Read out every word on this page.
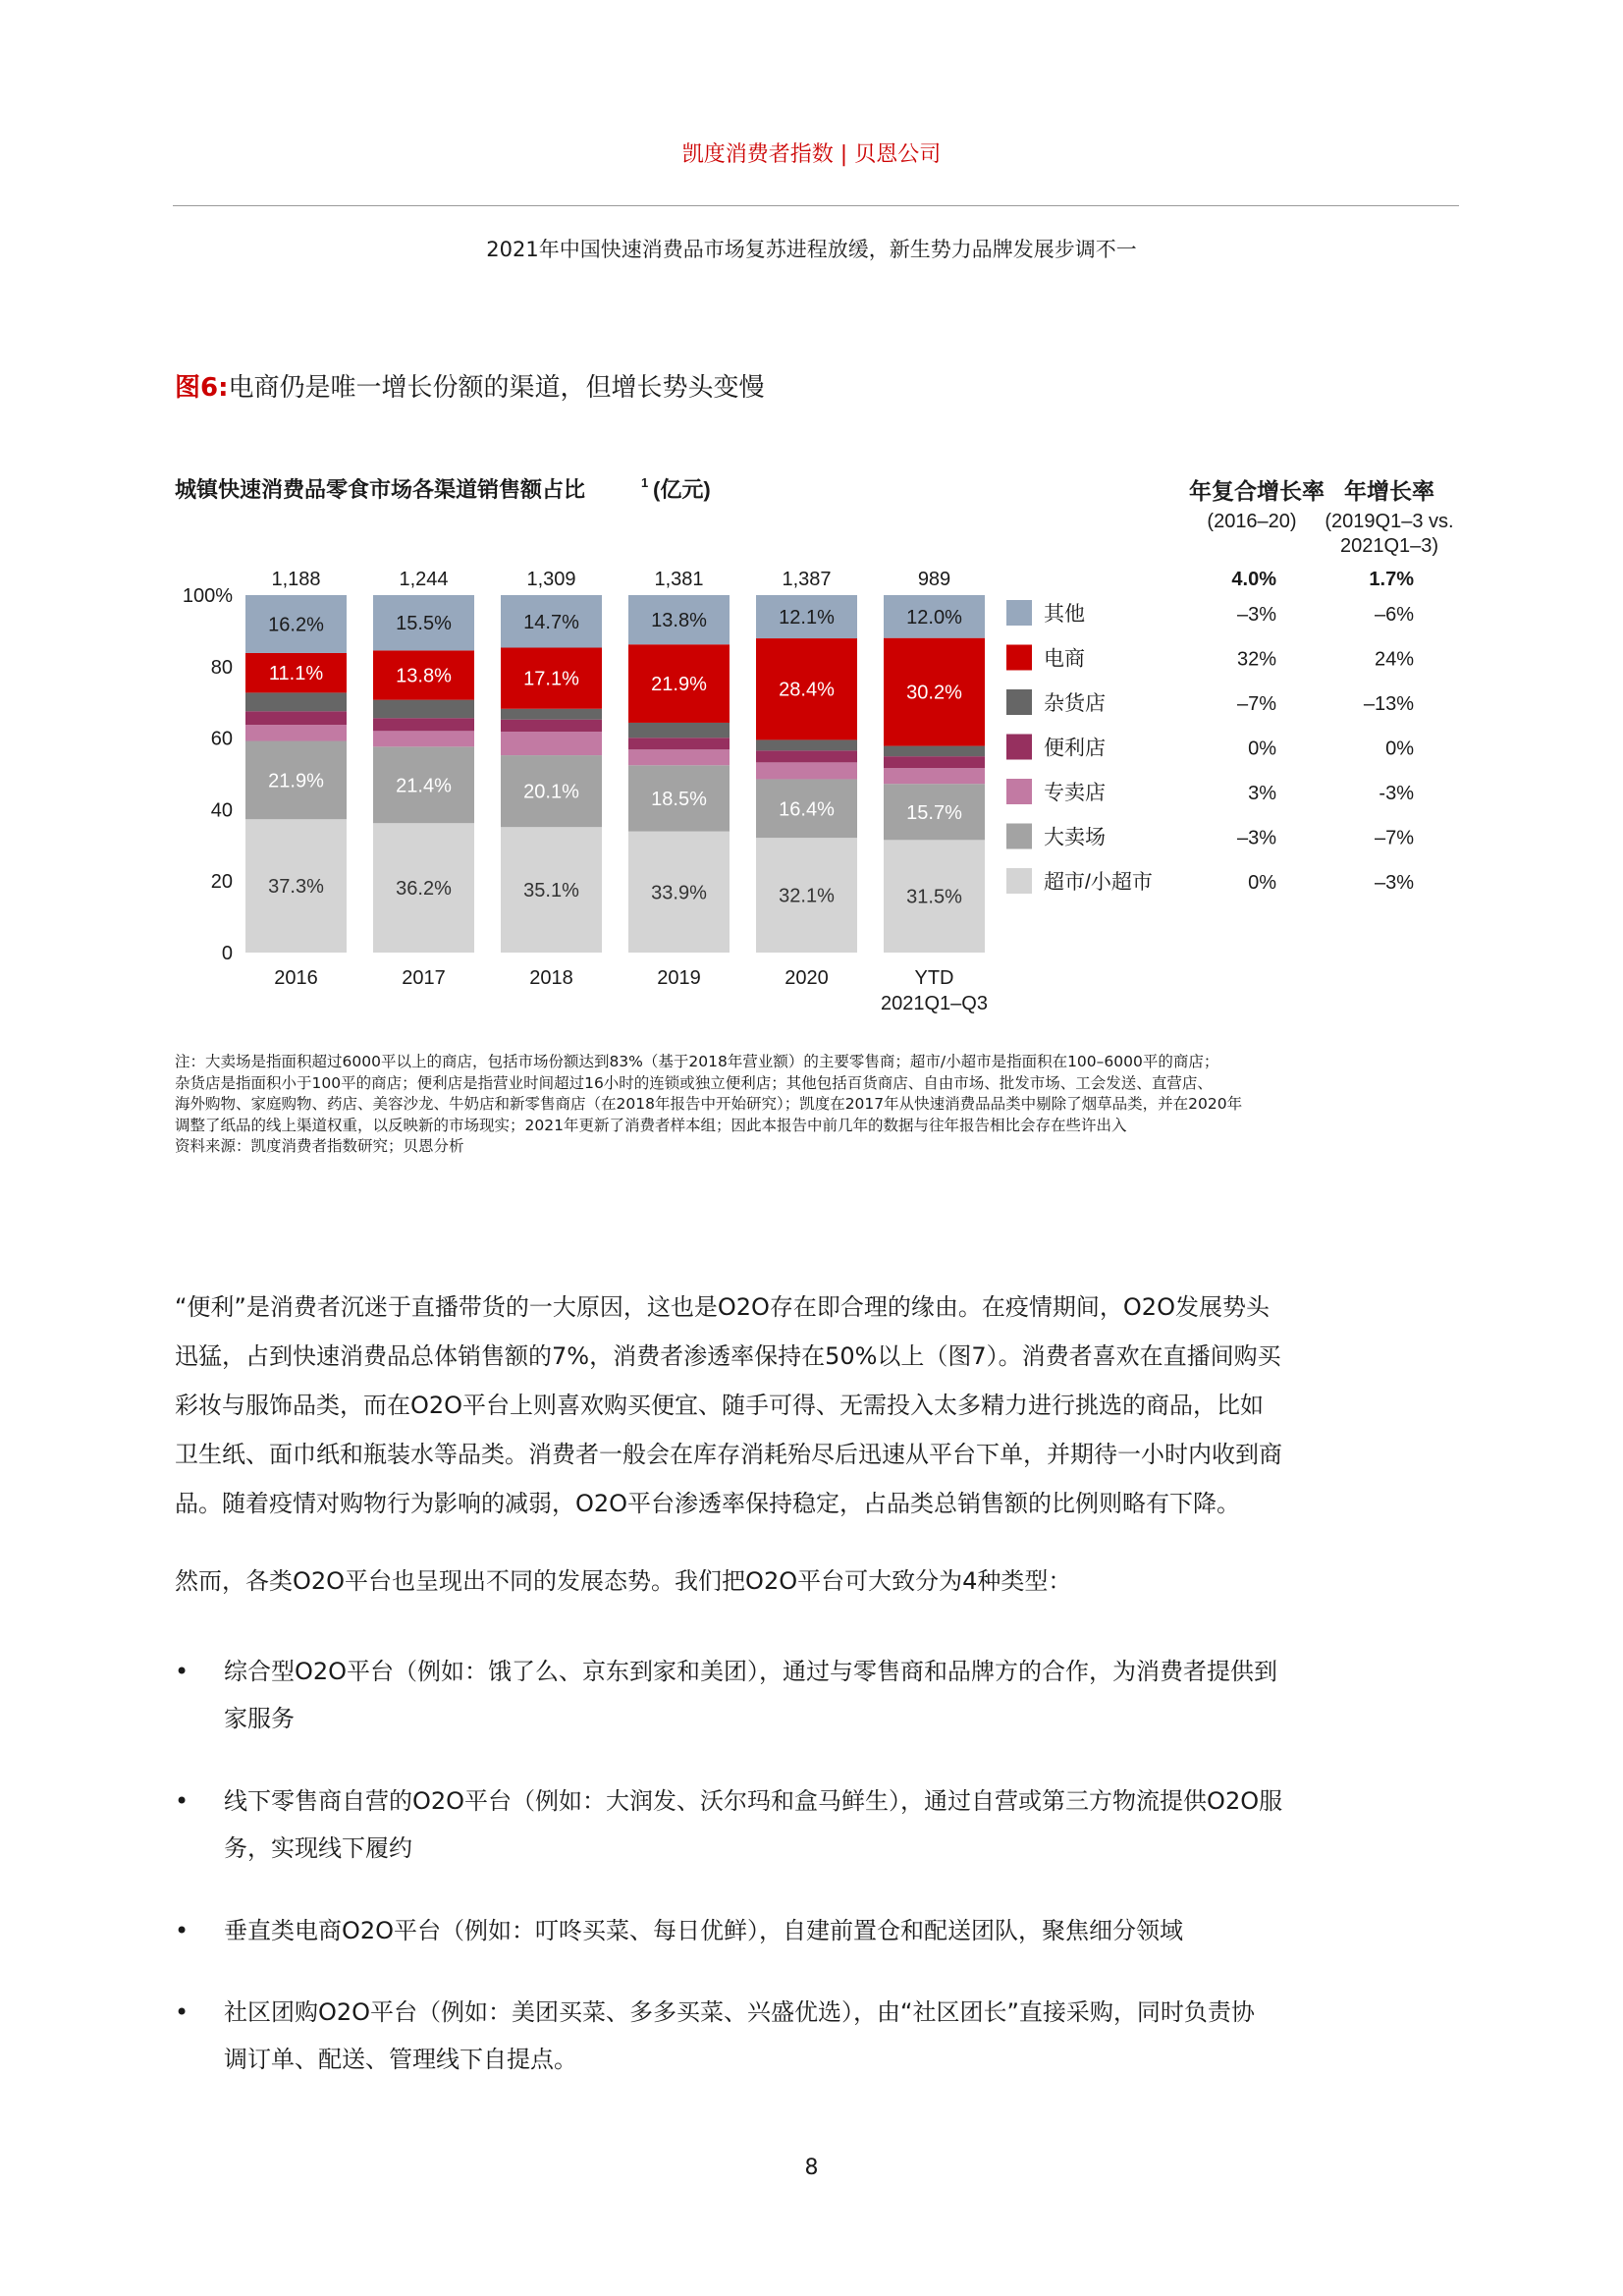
凯度消费者指数 | 贝恩公司
2021年中国快速消费品市场复苏进程放缓，新生势力品牌发展步调不一
图6:电商仍是唯一增长份额的渠道，但增长势头变慢
城镇快速消费品零食市场各渠道销售额占比	1 (亿元)
0
20
40
60
80
100%
37.3%
21.9%
11.1%
16.2%
1,188
2016
36.2%
21.4%
13.8%
15.5%
1,244
2017
35.1%
20.1%
17.1%
14.7%
1,309
2018
33.9%
18.5%
21.9%
13.8%
1,381
2019
32.1%
16.4%
28.4%
12.1%
1,387
2020
31.5%
15.7%
30.2%
12.0%
989
YTD
2021Q1–Q3
年复合增长率
(2016–20)
年增长率
(2019Q1–3 vs.
2021Q1–3)
4.0%	1.7%
其他	–3%	–6%
电商	32%	24%
杂货店	–7%	–13%
便利店	0%	0%
专卖店	3%	-3%
大卖场	–3%	–7%
超市/小超市	0%	–3%
注：大卖场是指面积超过6000平以上的商店，包括市场份额达到83%（基于2018年营业额）的主要零售商；超市/小超市是指面积在100–6000平的商店；
杂货店是指面积小于100平的商店；便利店是指营业时间超过16小时的连锁或独立便利店；其他包括百货商店、自由市场、批发市场、工会发送、直营店、
海外购物、家庭购物、药店、美容沙龙、牛奶店和新零售商店（在2018年报告中开始研究）；凯度在2017年从快速消费品品类中剔除了烟草品类，并在2020年
调整了纸品的线上渠道权重，以反映新的市场现实；2021年更新了消费者样本组；因此本报告中前几年的数据与往年报告相比会存在些许出入
资料来源：凯度消费者指数研究；贝恩分析

“便利”是消费者沉迷于直播带货的一大原因，这也是O2O存在即合理的缘由。在疫情期间，O2O发展势头

迅猛，占到快速消费品总体销售额的7%，消费者渗透率保持在50%以上（图7）。消费者喜欢在直播间购买

彩妆与服饰品类，而在O2O平台上则喜欢购买便宜、随手可得、无需投入太多精力进行挑选的商品，比如

卫生纸、面巾纸和瓶装水等品类。消费者一般会在库存消耗殆尽后迅速从平台下单，并期待一小时内收到商

品。随着疫情对购物行为影响的减弱，O2O平台渗透率保持稳定，占品类总销售额的比例则略有下降。

然而，各类O2O平台也呈现出不同的发展态势。我们把O2O平台可大致分为4种类型：
• 综合型O2O平台（例如：饿了么、京东到家和美团），通过与零售商和品牌方的合作，为消费者提供到
家服务
• 线下零售商自营的O2O平台（例如：大润发、沃尔玛和盒马鲜生），通过自营或第三方物流提供O2O服
务，实现线下履约
• 垂直类电商O2O平台（例如：叮咚买菜、每日优鲜），自建前置仓和配送团队，聚焦细分领域
• 社区团购O2O平台（例如：美团买菜、多多买菜、兴盛优选），由“社区团长”直接采购，同时负责协
调订单、配送、管理线下自提点。
8
